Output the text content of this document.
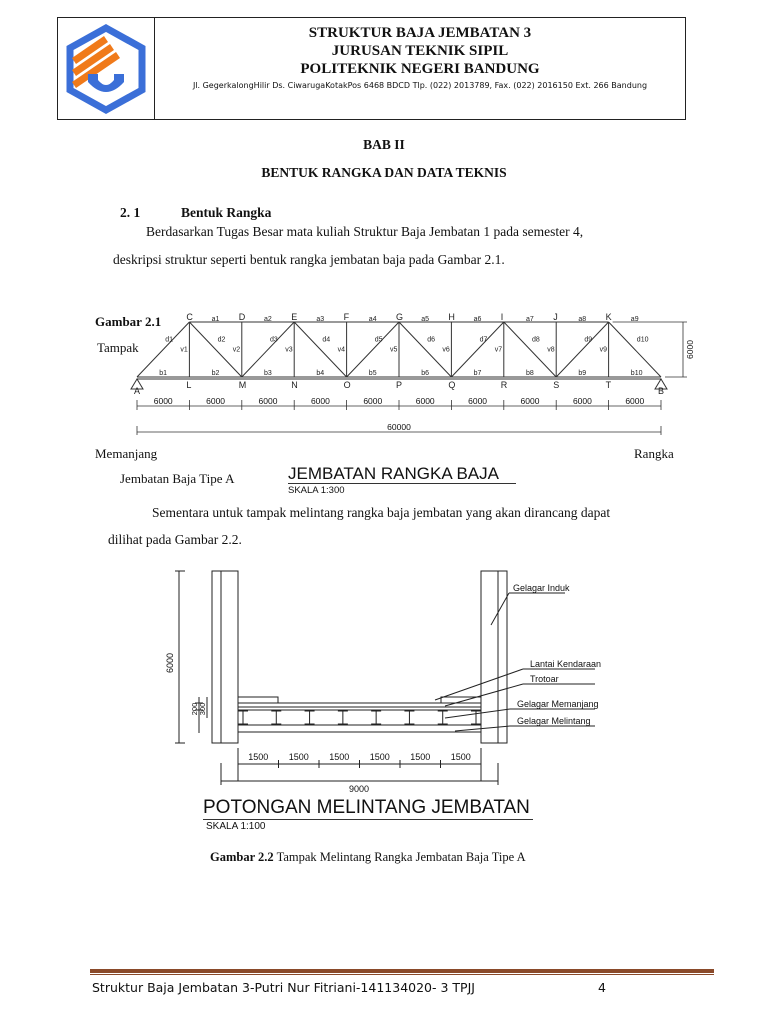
STRUKTUR BAJA JEMBATAN 3
JURUSAN TEKNIK SIPIL
POLITEKNIK NEGERI BANDUNG
Jl. GegerkalongHilir Ds. CiwarugaKotakPos 6468 BDCD Tlp. (022) 2013789, Fax. (022) 2016150 Ext. 266 Bandung
BAB II
BENTUK RANGKA DAN DATA TEKNIS
2. 1	Bentuk Rangka
Berdasarkan Tugas Besar mata kuliah Struktur Baja Jembatan 1 pada semester 4,
deskripsi struktur seperti bentuk rangka jembatan baja pada Gambar 2.1.
Gambar 2.1
Tampak
C	D	E	F	G	H	I	J	K
A
L	M	N	O	P	Q	R	S	T
B
a1	a2	a3	a4	a5	a6	a7	a8	a9
b1	b2	b3	b4	b5	b6	b7	b8	b9	b10
v1	v2	v3	v4	v5	v6	v7	v8	v9
d1	d2	d3	d4	d5	d6	d7	d8	d9	d10
6000
6000	6000	6000	6000	6000	6000	6000	6000	6000	6000
60000
Memanjang	Rangka
Jembatan Baja Tipe A	JEMBATAN RANGKA BAJA
SKALA 1:300
Sementara untuk tampak melintang rangka baja jembatan yang akan dirancang dapat
dilihat pada Gambar 2.2.
6000
200 300
Gelagar Induk
Lantai Kendaraan
Trotoar
Gelagar Memanjang
Gelagar Melintang
9000
1500 1500 1500 1500 1500 1500
POTONGAN MELINTANG JEMBATAN
SKALA 1:100
Gambar 2.2 Tampak Melintang Rangka Jembatan Baja Tipe A
Struktur Baja Jembatan 3-Putri Nur Fitriani-141134020- 3 TPJJ	4
